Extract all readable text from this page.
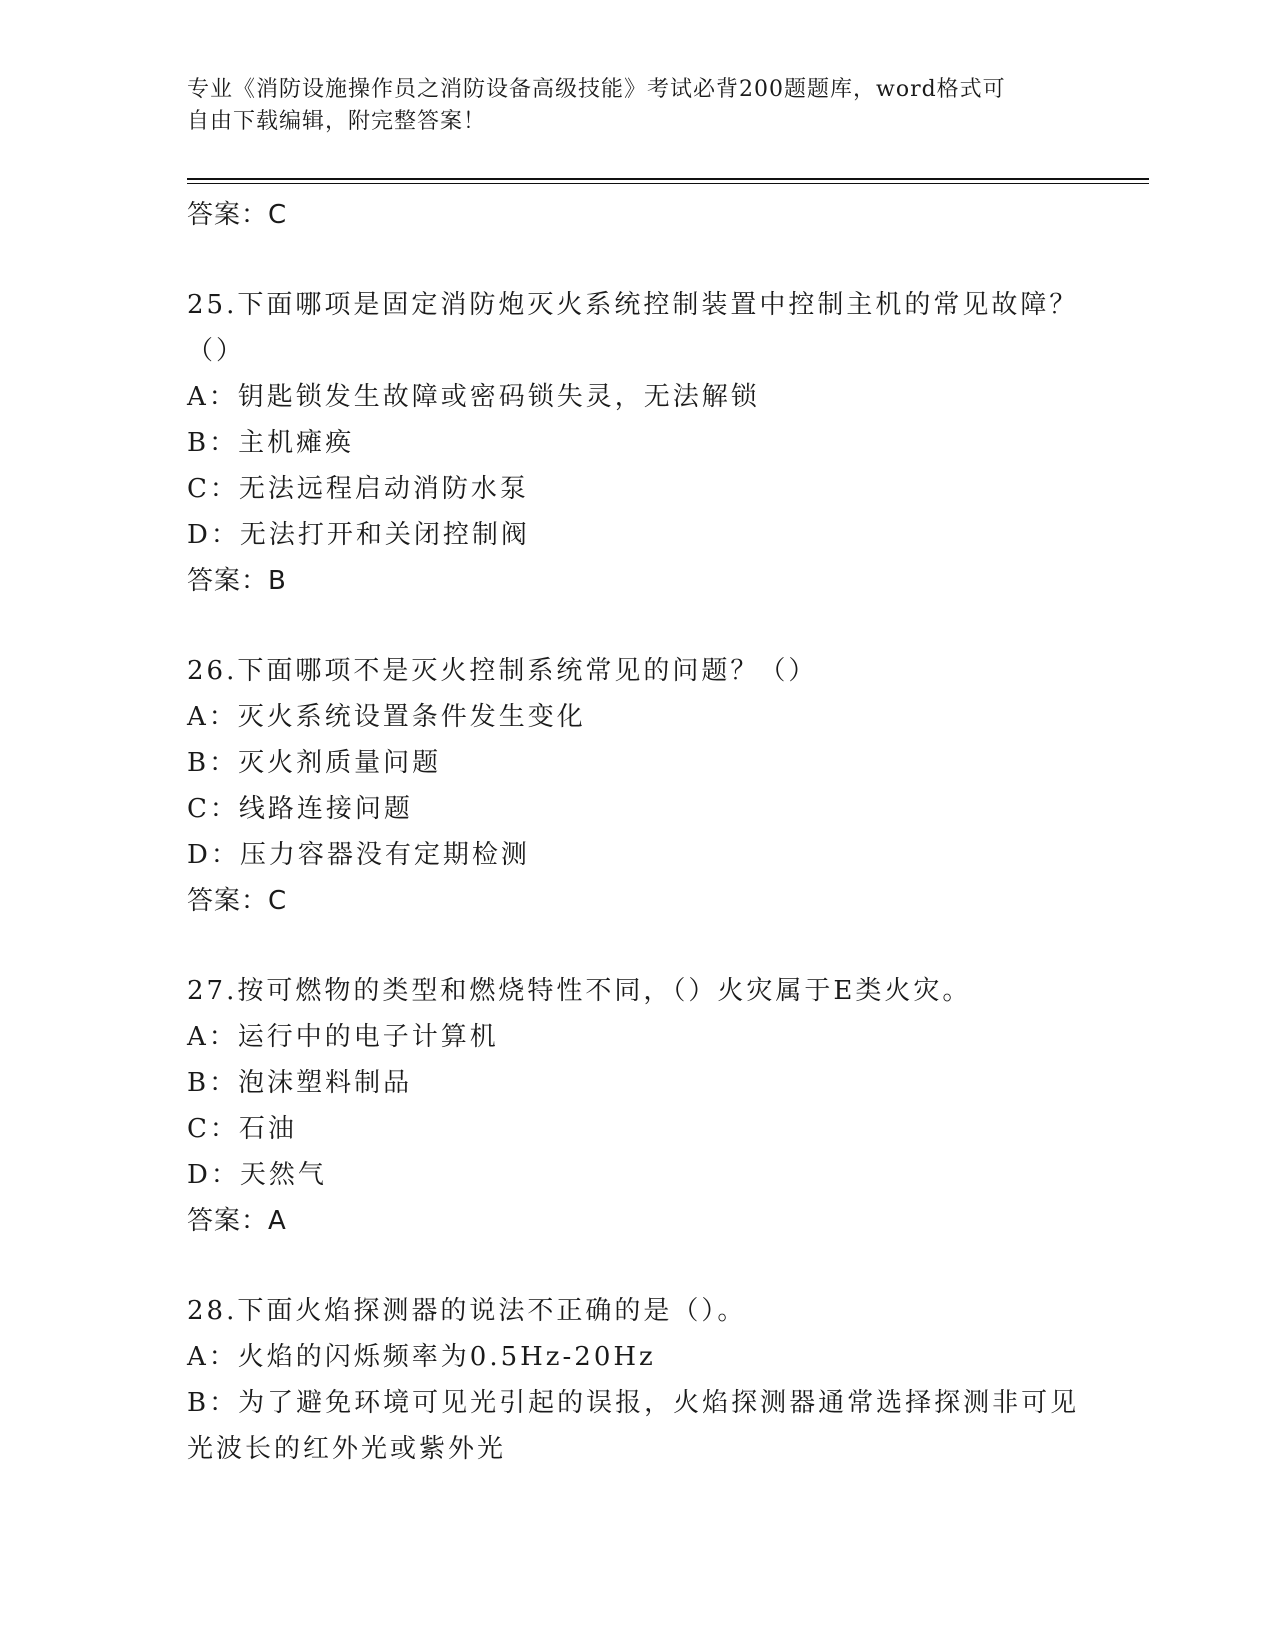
专业《消防设施操作员之消防设备高级技能》考试必背200题题库，word格式可
自由下载编辑，附完整答案！
答案：C
25.下面哪项是固定消防炮灭火系统控制装置中控制主机的常见故障？
（）
A：钥匙锁发生故障或密码锁失灵，无法解锁
B：主机瘫痪
C：无法远程启动消防水泵
D：无法打开和关闭控制阀
答案：B
26.下面哪项不是灭火控制系统常见的问题？（）
A：灭火系统设置条件发生变化
B：灭火剂质量问题
C：线路连接问题
D：压力容器没有定期检测
答案：C
27.按可燃物的类型和燃烧特性不同，（）火灾属于E类火灾。
A：运行中的电子计算机
B：泡沫塑料制品
C：石油
D：天然气
答案：A
28.下面火焰探测器的说法不正确的是（）。
A：火焰的闪烁频率为0.5Hz-20Hz
B：为了避免环境可见光引起的误报，火焰探测器通常选择探测非可见
光波长的红外光或紫外光
